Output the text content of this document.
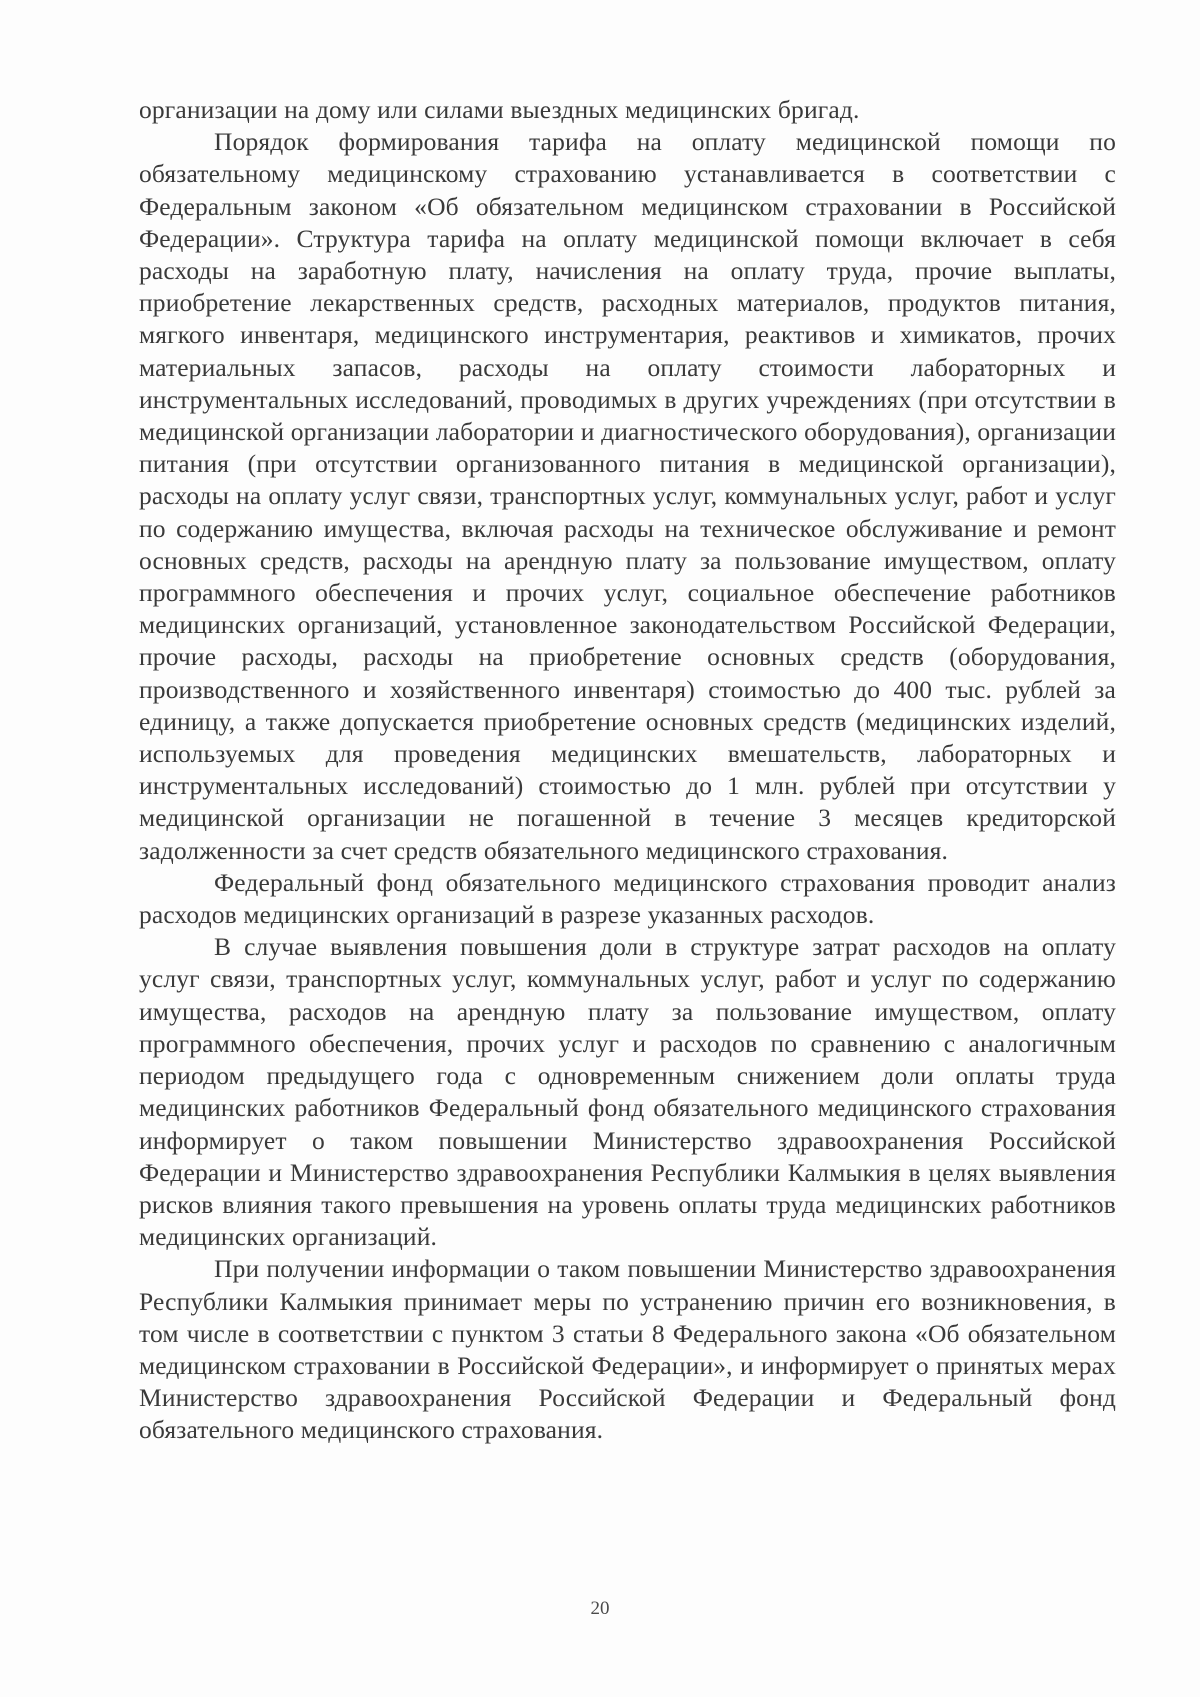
организации на дому или силами выездных медицинских бригад.

Порядок формирования тарифа на оплату медицинской помощи по обязательному медицинскому страхованию устанавливается в соответствии с Федеральным законом «Об обязательном медицинском страховании в Российской Федерации». Структура тарифа на оплату медицинской помощи включает в себя расходы на заработную плату, начисления на оплату труда, прочие выплаты, приобретение лекарственных средств, расходных материалов, продуктов питания, мягкого инвентаря, медицинского инструментария, реактивов и химикатов, прочих материальных запасов, расходы на оплату стоимости лабораторных и инструментальных исследований, проводимых в других учреждениях (при отсутствии в медицинской организации лаборатории и диагностического оборудования), организации питания (при отсутствии организованного питания в медицинской организации), расходы на оплату услуг связи, транспортных услуг, коммунальных услуг, работ и услуг по содержанию имущества, включая расходы на техническое обслуживание и ремонт основных средств, расходы на арендную плату за пользование имуществом, оплату программного обеспечения и прочих услуг, социальное обеспечение работников медицинских организаций, установленное законодательством Российской Федерации, прочие расходы, расходы на приобретение основных средств (оборудования, производственного и хозяйственного инвентаря) стоимостью до 400 тыс. рублей за единицу, а также допускается приобретение основных средств (медицинских изделий, используемых для проведения медицинских вмешательств, лабораторных и инструментальных исследований) стоимостью до 1 млн. рублей при отсутствии у медицинской организации не погашенной в течение 3 месяцев кредиторской задолженности за счет средств обязательного медицинского страхования.

Федеральный фонд обязательного медицинского страхования проводит анализ расходов медицинских организаций в разрезе указанных расходов.

В случае выявления повышения доли в структуре затрат расходов на оплату услуг связи, транспортных услуг, коммунальных услуг, работ и услуг по содержанию имущества, расходов на арендную плату за пользование имуществом, оплату программного обеспечения, прочих услуг и расходов по сравнению с аналогичным периодом предыдущего года с одновременным снижением доли оплаты труда медицинских работников Федеральный фонд обязательного медицинского страхования информирует о таком повышении Министерство здравоохранения Российской Федерации и Министерство здравоохранения Республики Калмыкия в целях выявления рисков влияния такого превышения на уровень оплаты труда медицинских работников медицинских организаций.

При получении информации о таком повышении Министерство здравоохранения Республики Калмыкия принимает меры по устранению причин его возникновения, в том числе в соответствии с пунктом 3 статьи 8 Федерального закона «Об обязательном медицинском страховании в Российской Федерации», и информирует о принятых мерах Министерство здравоохранения Российской Федерации и Федеральный фонд обязательного медицинского страхования.

20
